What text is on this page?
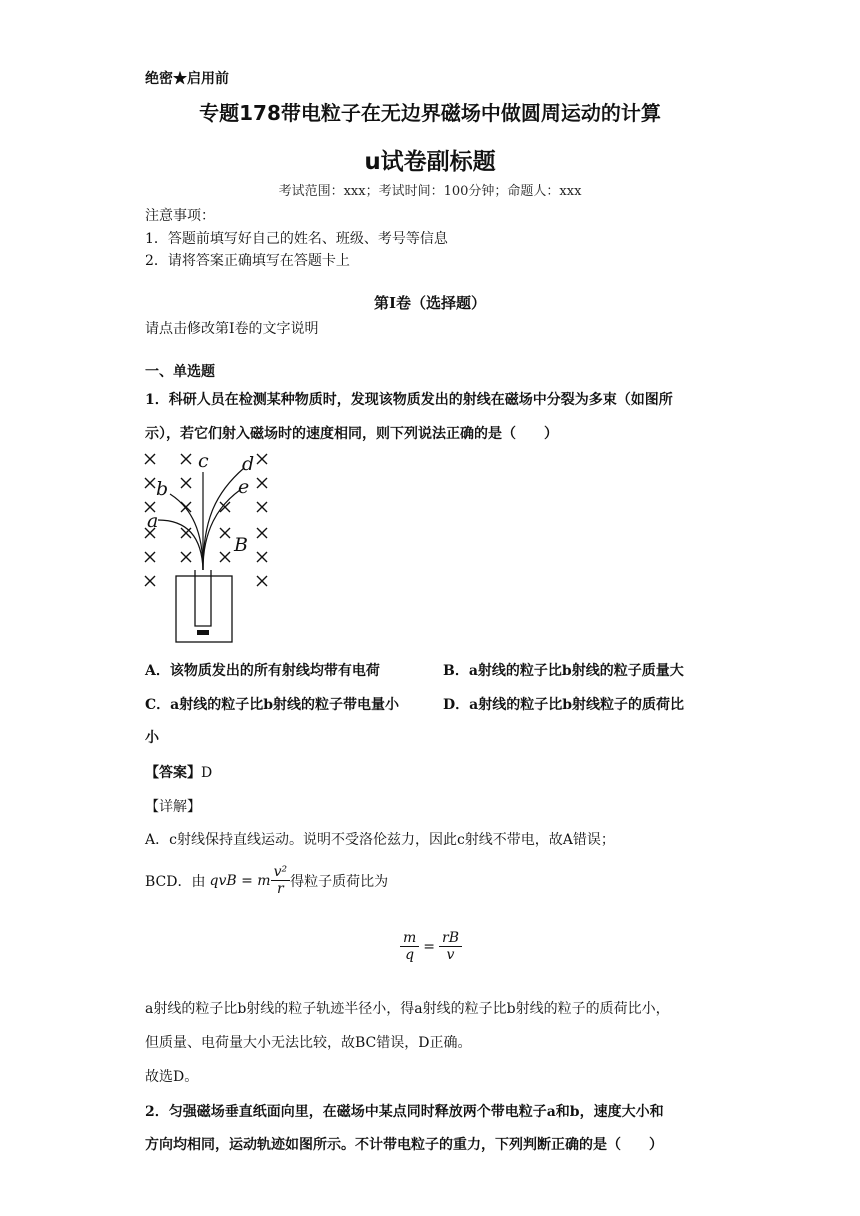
绝密★启用前
专题178带电粒子在无边界磁场中做圆周运动的计算
u试卷副标题
考试范围：xxx；考试时间：100分钟；命题人：xxx
注意事项：
1．答题前填写好自己的姓名、班级、考号等信息
2．请将答案正确填写在答题卡上
第I卷（选择题）
请点击修改第I卷的文字说明
一、单选题
1．科研人员在检测某种物质时，发现该物质发出的射线在磁场中分裂为多束（如图所
示），若它们射入磁场时的速度相同，则下列说法正确的是（　　）
c d
e
b
a
B
A．该物质发出的所有射线均带有电荷	B．a射线的粒子比b射线的粒子质量大
C．a射线的粒子比b射线的粒子带电量小	D．a射线的粒子比b射线粒子的质荷比
小
【答案】D
【详解】
A．c射线保持直线运动。说明不受洛伦兹力，因此c射线不带电，故A错误；
BCD．由 qvB = m $\frac{\text{v²}}{r}$ 得粒子质荷比为
$\frac{m}{q} = \frac{rB}{v}$
a射线的粒子比b射线的粒子轨迹半径小，得a射线的粒子比b射线的粒子的质荷比小，
但质量、电荷量大小无法比较，故BC错误，D正确。
故选D。
2．匀强磁场垂直纸面向里，在磁场中某点同时释放两个带电粒子a和b，速度大小和
方向均相同，运动轨迹如图所示。不计带电粒子的重力，下列判断正确的是（　　）
